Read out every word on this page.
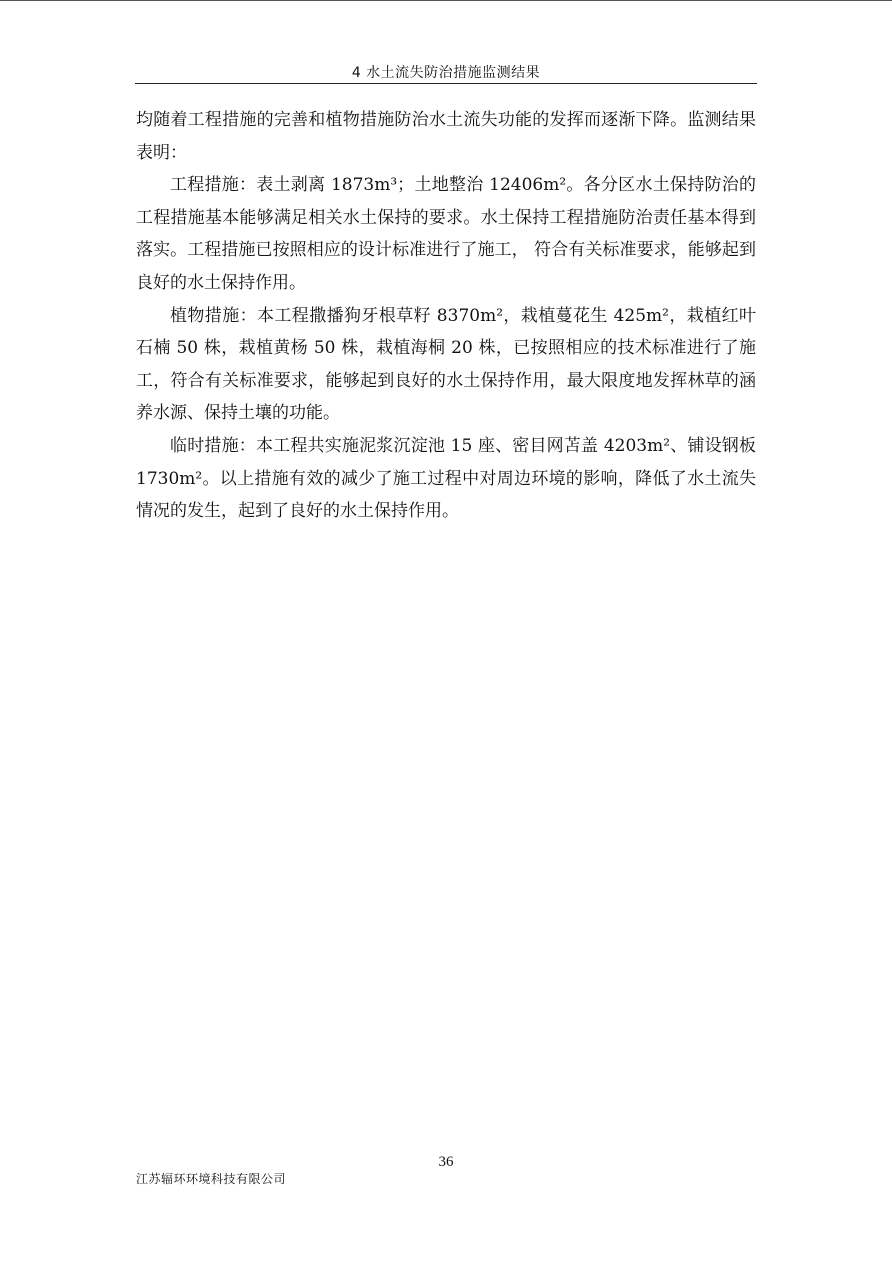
4 水土流失防治措施监测结果

均随着工程措施的完善和植物措施防治水土流失功能的发挥而逐渐下降。监测结果表明：

工程措施：表土剥离 1873m³；土地整治 12406m²。各分区水土保持防治的工程措施基本能够满足相关水土保持的要求。水土保持工程措施防治责任基本得到落实。工程措施已按照相应的设计标准进行了施工， 符合有关标准要求，能够起到良好的水土保持作用。

植物措施：本工程撒播狗牙根草籽 8370m²，栽植蔓花生 425m²，栽植红叶石楠 50 株，栽植黄杨 50 株，栽植海桐 20 株，已按照相应的技术标准进行了施工，符合有关标准要求，能够起到良好的水土保持作用，最大限度地发挥林草的涵养水源、保持土壤的功能。

临时措施：本工程共实施泥浆沉淀池 15 座、密目网苫盖 4203m²、铺设钢板 1730m²。以上措施有效的减少了施工过程中对周边环境的影响，降低了水土流失情况的发生，起到了良好的水土保持作用。

36
江苏辐环环境科技有限公司
